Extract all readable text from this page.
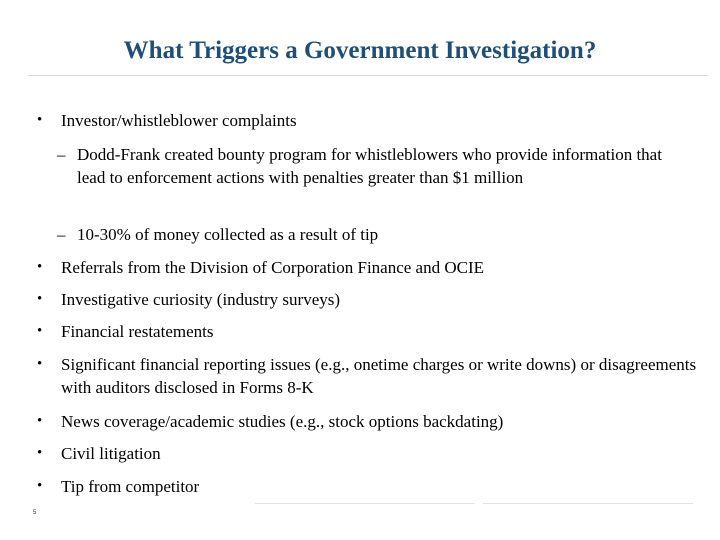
What Triggers a Government Investigation?
• Investor/whistleblower complaints
– Dodd-Frank created bounty program for whistleblowers who provide information that lead to enforcement actions with penalties greater than $1 million
– 10-30% of money collected as a result of tip
• Referrals from the Division of Corporation Finance and OCIE
• Investigative curiosity (industry surveys)
• Financial restatements
• Significant financial reporting issues (e.g., onetime charges or write downs) or disagreements with auditors disclosed in Forms 8-K
• News coverage/academic studies (e.g., stock options backdating)
• Civil litigation
• Tip from competitor
5
